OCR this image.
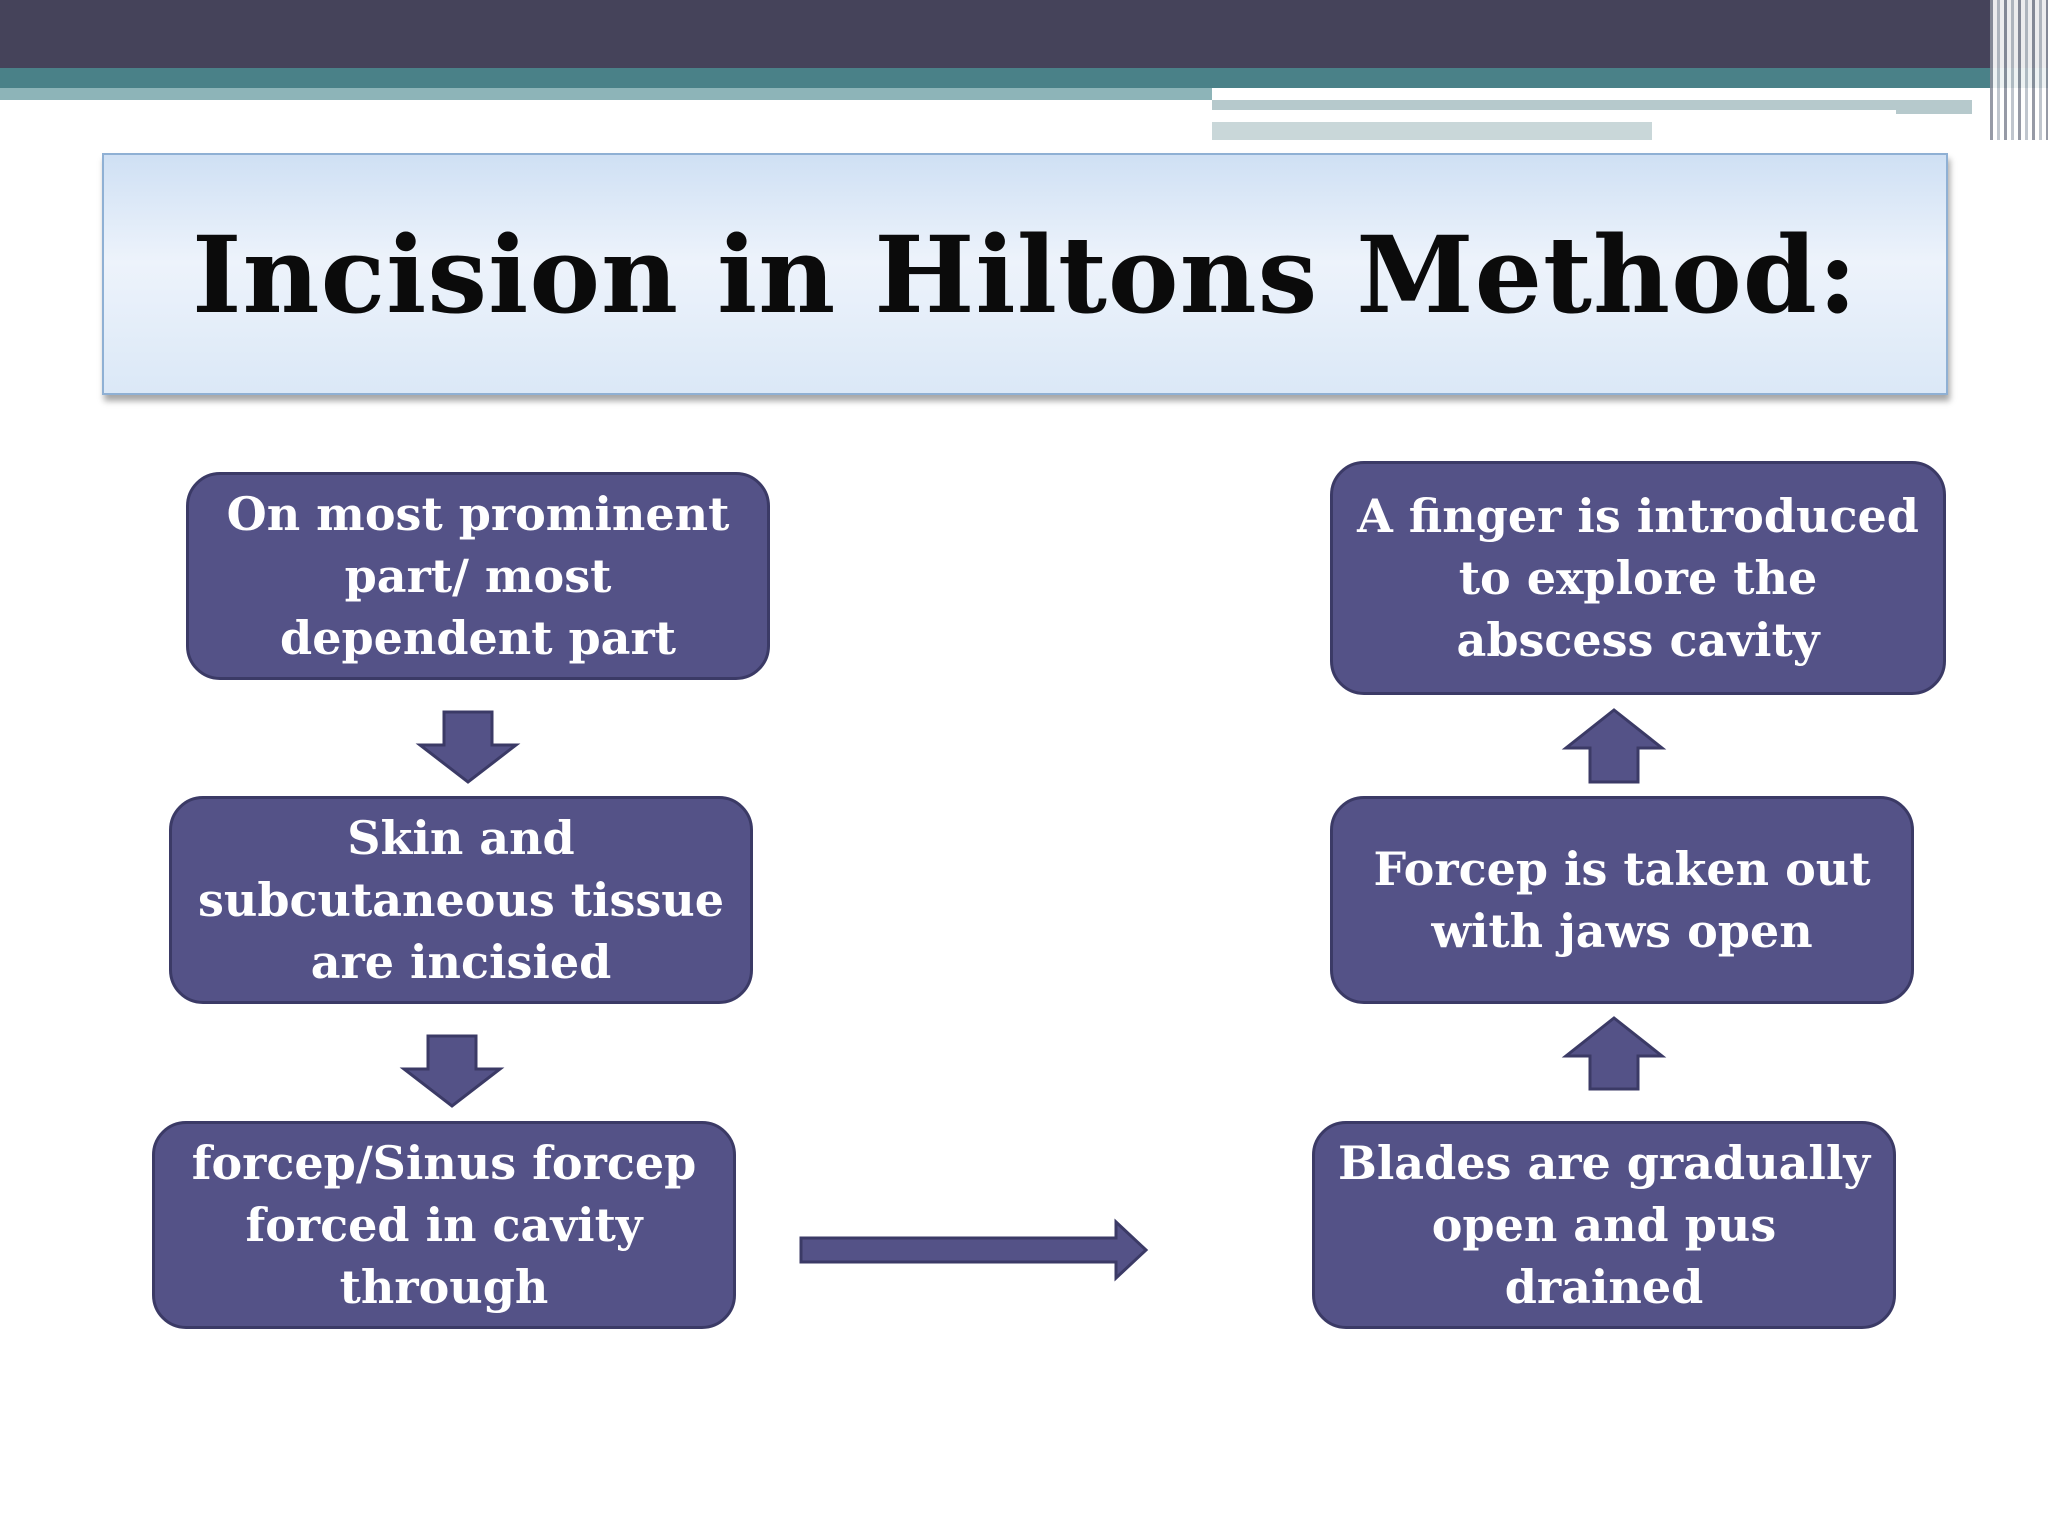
Incision in Hiltons Method:
On most prominent part/ most dependent part
Skin and subcutaneous tissue are incisied
forcep/Sinus forcep forced in cavity through
Blades are gradually open and pus drained
Forcep is taken out with jaws open
A finger is introduced to explore the abscess cavity
